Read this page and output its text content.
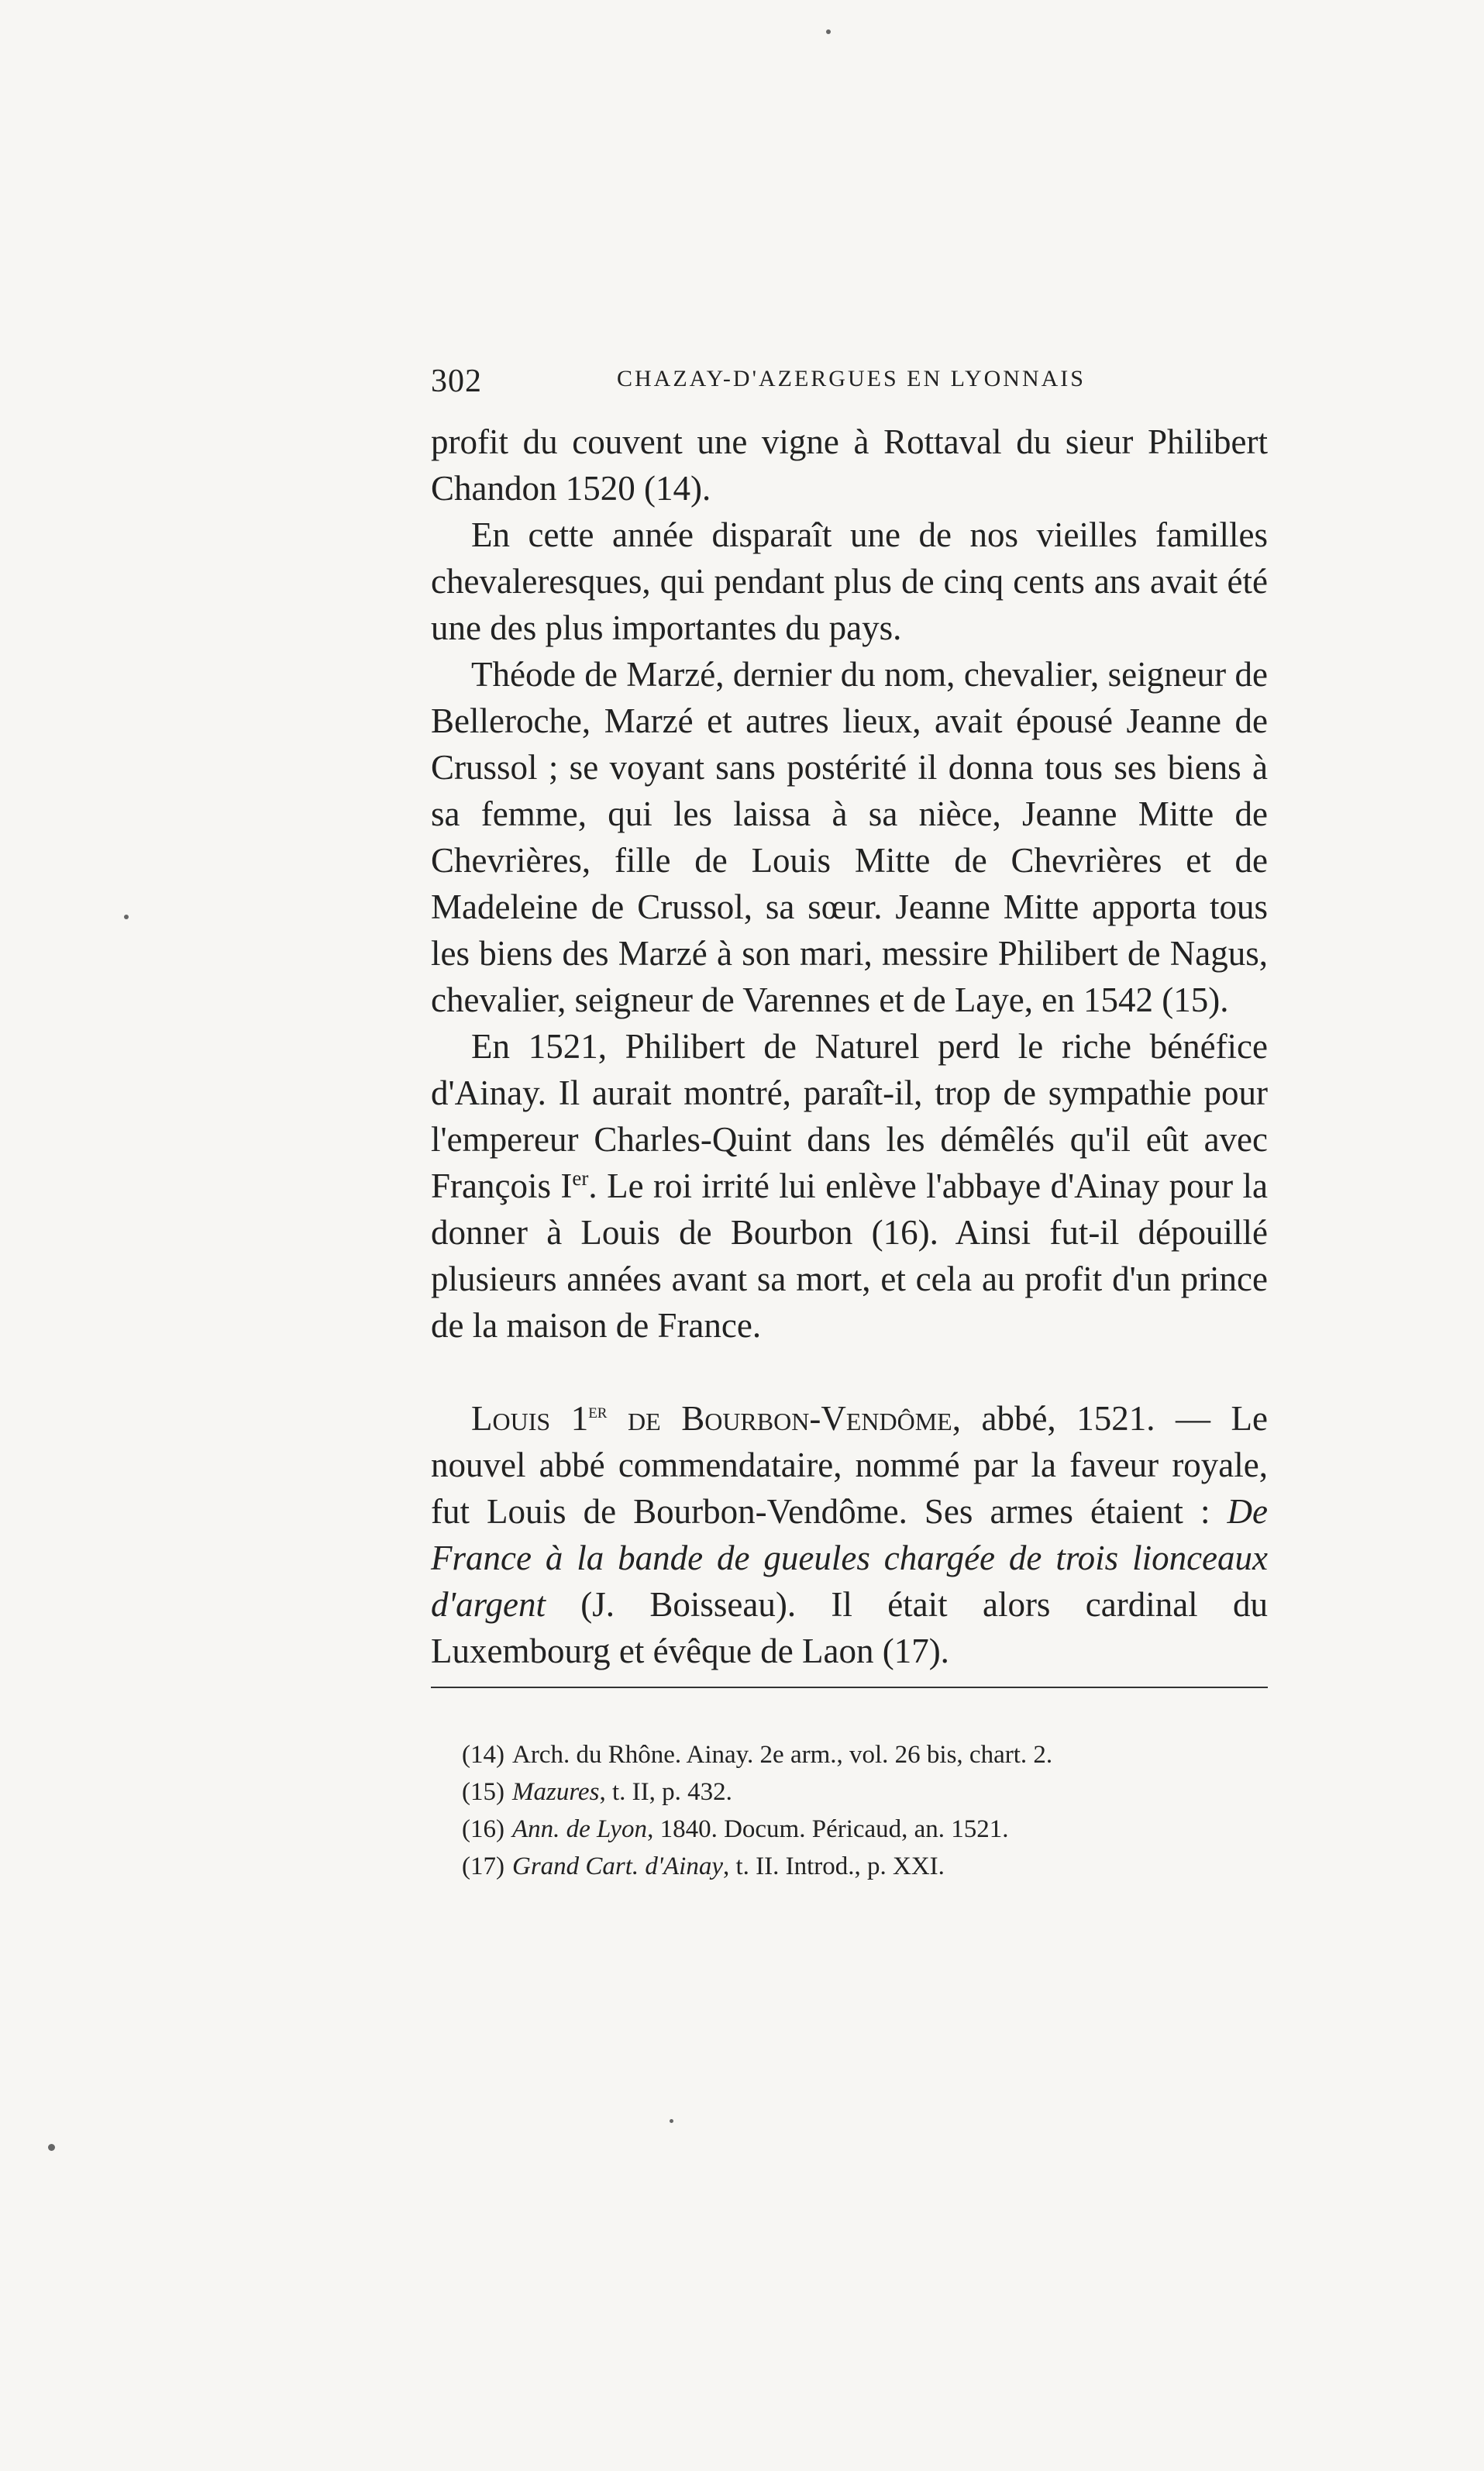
302	CHAZAY-D'AZERGUES EN LYONNAIS

profit du couvent une vigne à Rottaval du sieur Philibert Chandon 1520 (14).

En cette année disparaît une de nos vieilles familles chevaleresques, qui pendant plus de cinq cents ans avait été une des plus importantes du pays.

Théode de Marzé, dernier du nom, chevalier, seigneur de Belleroche, Marzé et autres lieux, avait épousé Jeanne de Crussol ; se voyant sans postérité il donna tous ses biens à sa femme, qui les laissa à sa nièce, Jeanne Mitte de Chevrières, fille de Louis Mitte de Chevrières et de Madeleine de Crussol, sa sœur. Jeanne Mitte apporta tous les biens des Marzé à son mari, messire Philibert de Nagus, chevalier, seigneur de Varennes et de Laye, en 1542 (15).

En 1521, Philibert de Naturel perd le riche bénéfice d'Ainay. Il aurait montré, paraît-il, trop de sympathie pour l'empereur Charles-Quint dans les démêlés qu'il eût avec François Ier. Le roi irrité lui enlève l'abbaye d'Ainay pour la donner à Louis de Bourbon (16). Ainsi fut-il dépouillé plusieurs années avant sa mort, et cela au profit d'un prince de la maison de France.

Louis 1er de Bourbon-Vendôme, abbé, 1521. — Le nouvel abbé commendataire, nommé par la faveur royale, fut Louis de Bourbon-Vendôme. Ses armes étaient : De France à la bande de gueules chargée de trois lionceaux d'argent (J. Boisseau). Il était alors cardinal du Luxembourg et évêque de Laon (17).

(14) Arch. du Rhône. Ainay. 2e arm., vol. 26 bis, chart. 2.

(15) Mazures, t. II, p. 432.

(16) Ann. de Lyon, 1840. Docum. Péricaud, an. 1521.

(17) Grand Cart. d'Ainay, t. II. Introd., p. XXI.
